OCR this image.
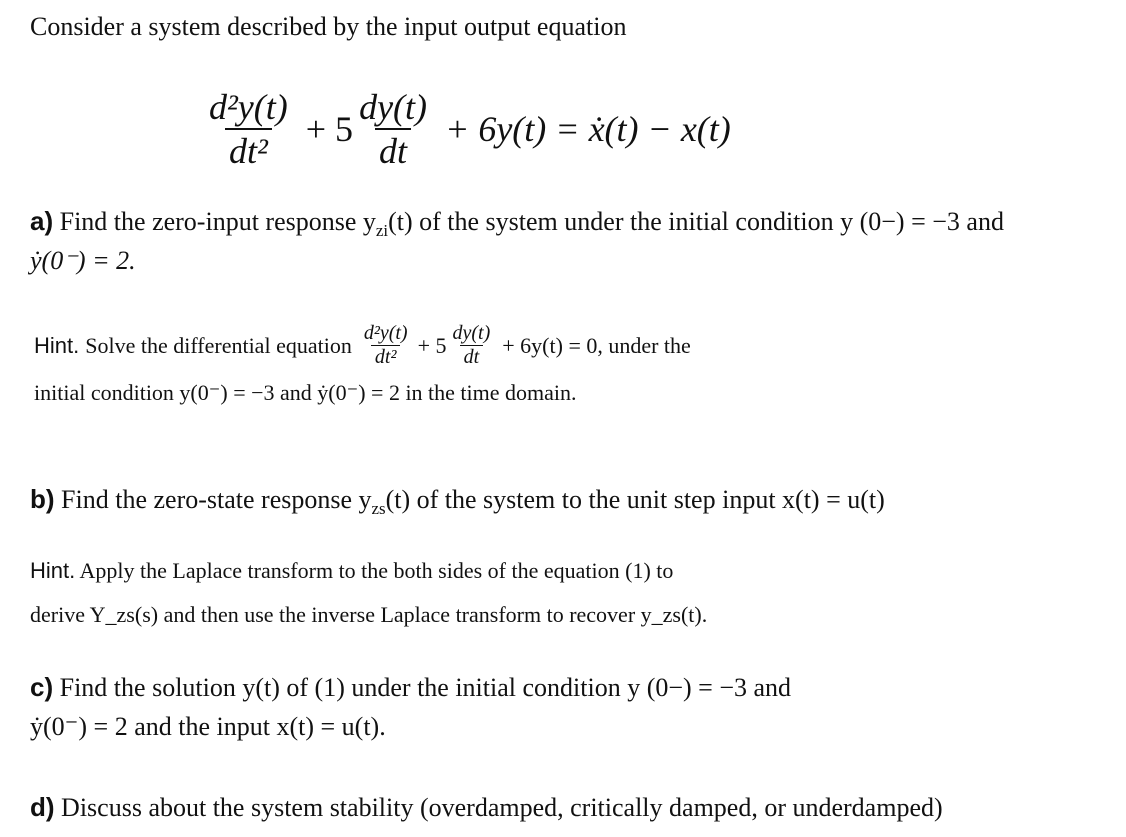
Consider a system described by the input output equation
$\frac{\text{d²y(t)}}{\text{dt²}} + 5 \frac{dy(t)}{dt} + 6y(t)$ = ẋ(t) − x(t)
a) Find the zero-input response $y_{zi}(t)$ of the system under the initial condition y (0−) = −3 and
ẏ(0⁻) = 2.
Hint. Solve the differential equation $\frac{\text{d²y(t)}}{\text{dt²}} + 5 \frac{dy(t)}{dt} + 6y(t) = 0$, under the
initial condition y(0⁻) = −3 and ẏ(0⁻) = 2 in the time domain.
b) Find the zero-state response $y_{zs}(t)$ of the system to the unit step input x(t) = u(t)
Hint. Apply the Laplace transform to the both sides of the equation (1) to
derive Y_zs(s) and then use the inverse Laplace transform to recover y_zs(t).
c) Find the solution y(t) of (1) under the initial condition y (0−) = −3 and
ẏ(0⁻) = 2 and the input x(t) = u(t).
d) Discuss about the system stability (overdamped, critically damped, or underdamped)
